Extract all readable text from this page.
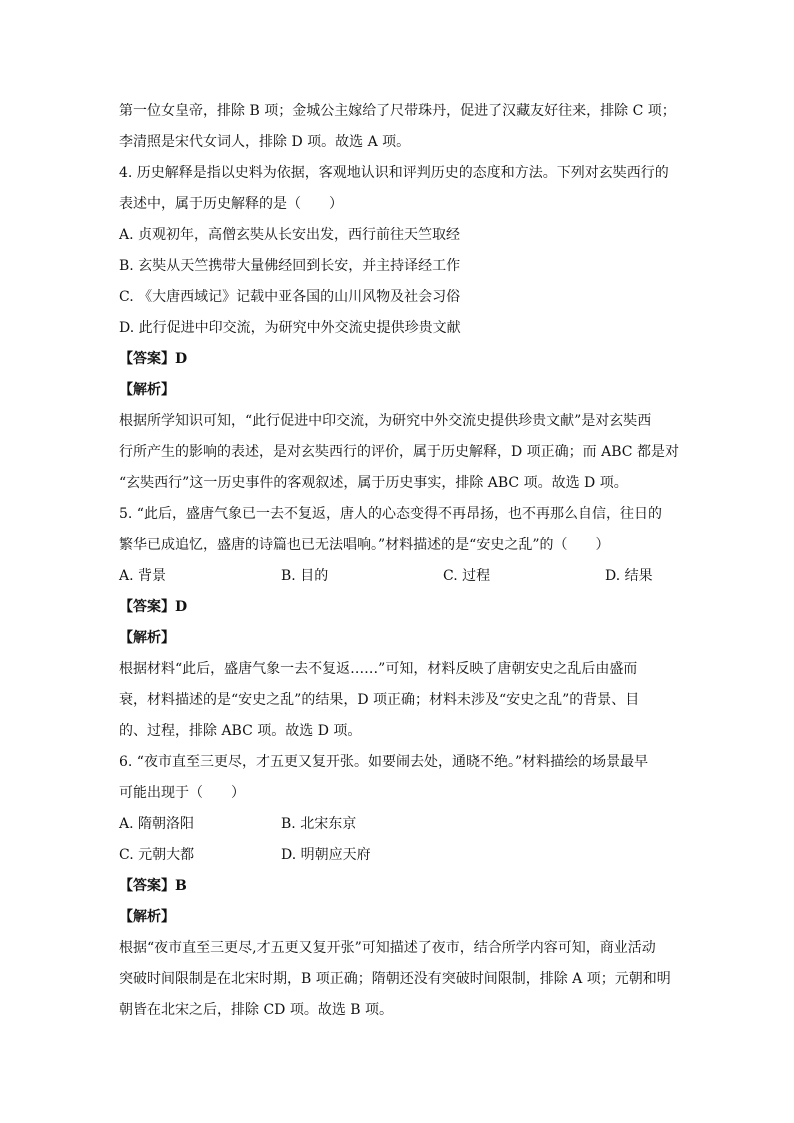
第一位女皇帝，排除 B 项；金城公主嫁给了尺带珠丹，促进了汉藏友好往来，排除 C 项；
李清照是宋代女词人，排除 D 项。故选 A 项。
4. 历史解释是指以史料为依据，客观地认识和评判历史的态度和方法。下列对玄奘西行的
表述中，属于历史解释的是（　　）
A. 贞观初年，高僧玄奘从长安出发，西行前往天竺取经
B. 玄奘从天竺携带大量佛经回到长安，并主持译经工作
C. 《大唐西域记》记载中亚各国的山川风物及社会习俗
D. 此行促进中印交流，为研究中外交流史提供珍贵文献
【答案】D
【解析】
根据所学知识可知，“此行促进中印交流，为研究中外交流史提供珍贵文献”是对玄奘西
行所产生的影响的表述，是对玄奘西行的评价，属于历史解释，D 项正确；而 ABC 都是对
“玄奘西行”这一历史事件的客观叙述，属于历史事实，排除 ABC 项。故选 D 项。
5. “此后，盛唐气象已一去不复返，唐人的心态变得不再昂扬，也不再那么自信，往日的
繁华已成追忆，盛唐的诗篇也已无法唱响。”材料描述的是“安史之乱”的（　　）
A. 背景	B. 目的	C. 过程	D. 结果
【答案】D
【解析】
根据材料“此后，盛唐气象一去不复返……”可知，材料反映了唐朝安史之乱后由盛而
衰，材料描述的是“安史之乱”的结果，D 项正确；材料未涉及“安史之乱”的背景、目
的、过程，排除 ABC 项。故选 D 项。
6. “夜市直至三更尽，才五更又复开张。如要闹去处，通晓不绝。”材料描绘的场景最早
可能出现于（　　）
A. 隋朝洛阳	B. 北宋东京
C. 元朝大都	D. 明朝应天府
【答案】B
【解析】
根据“夜市直至三更尽,才五更又复开张”可知描述了夜市，结合所学内容可知，商业活动
突破时间限制是在北宋时期，B 项正确；隋朝还没有突破时间限制，排除 A 项；元朝和明
朝皆在北宋之后，排除 CD 项。故选 B 项。
